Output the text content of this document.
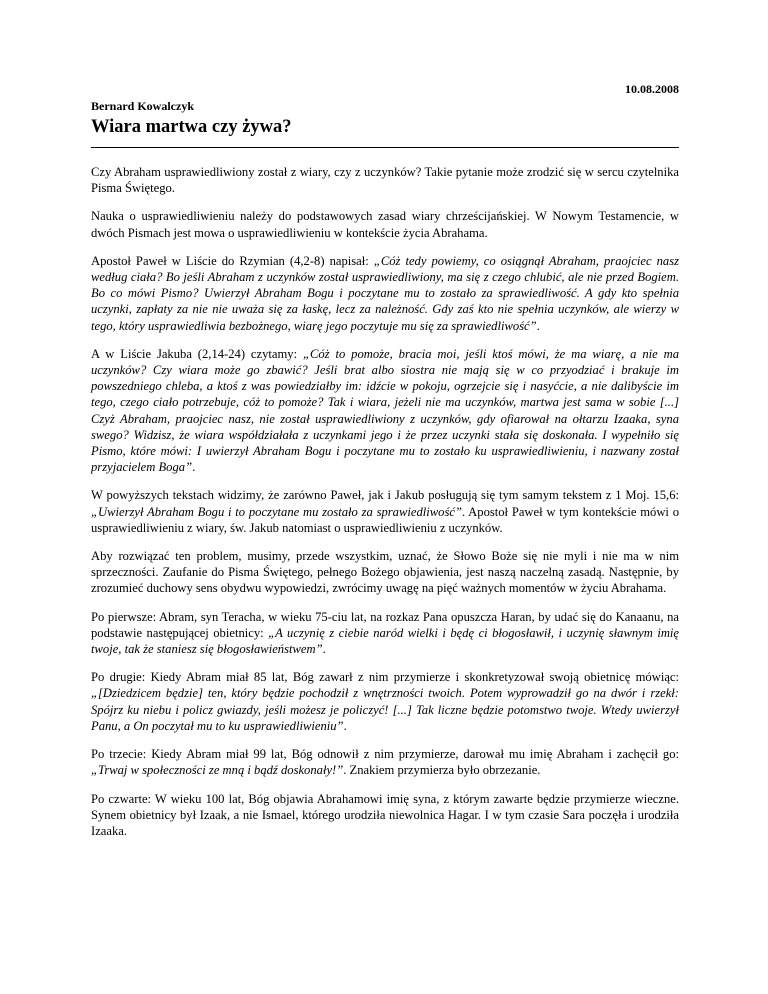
10.08.2008
Bernard Kowalczyk
Wiara martwa czy żywa?

Czy Abraham usprawiedliwiony został z wiary, czy z uczynków? Takie pytanie może zrodzić się w sercu czytelnika Pisma Świętego.

Nauka o usprawiedliwieniu należy do podstawowych zasad wiary chrześcijańskiej. W Nowym Testamencie, w dwóch Pismach jest mowa o usprawiedliwieniu w kontekście życia Abrahama.

Apostoł Paweł w Liście do Rzymian (4,2-8) napisał: „Cóż tedy powiemy, co osiągnął Abraham, praojciec nasz według ciała? Bo jeśli Abraham z uczynków został usprawiedliwiony, ma się z czego chlubić, ale nie przed Bogiem. Bo co mówi Pismo? Uwierzył Abraham Bogu i poczytane mu to zostało za sprawiedliwość. A gdy kto spełnia uczynki, zapłaty za nie nie uważa się za łaskę, lecz za należność. Gdy zaś kto nie spełnia uczynków, ale wierzy w tego, który usprawiedliwia bezbożnego, wiarę jego poczytuje mu się za sprawiedliwość”.

A w Liście Jakuba (2,14-24) czytamy: „Cóż to pomoże, bracia moi, jeśli ktoś mówi, że ma wiarę, a nie ma uczynków? Czy wiara może go zbawić? Jeśli brat albo siostra nie mają się w co przyodziać i brakuje im powszedniego chleba, a ktoś z was powiedziałby im: idźcie w pokoju, ogrzejcie się i nasyćcie, a nie dalibyście im tego, czego ciało potrzebuje, cóż to pomoże? Tak i wiara, jeżeli nie ma uczynków, martwa jest sama w sobie [...] Czyż Abraham, praojciec nasz, nie został usprawiedliwiony z uczynków, gdy ofiarował na ołtarzu Izaaka, syna swego? Widzisz, że wiara współdziałała z uczynkami jego i że przez uczynki stała się doskonała. I wypełniło się Pismo, które mówi: I uwierzył Abraham Bogu i poczytane mu to zostało ku usprawiedliwieniu, i nazwany został przyjacielem Boga”.

W powyższych tekstach widzimy, że zarówno Paweł, jak i Jakub posługują się tym samym tekstem z 1 Moj. 15,6: „Uwierzył Abraham Bogu i to poczytane mu zostało za sprawiedliwość”. Apostoł Paweł w tym kontekście mówi o usprawiedliwieniu z wiary, św. Jakub natomiast o usprawiedliwieniu z uczynków.

Aby rozwiązać ten problem, musimy, przede wszystkim, uznać, że Słowo Boże się nie myli i nie ma w nim sprzeczności. Zaufanie do Pisma Świętego, pełnego Bożego objawienia, jest naszą naczelną zasadą. Następnie, by zrozumieć duchowy sens obydwu wypowiedzi, zwrócimy uwagę na pięć ważnych momentów w życiu Abrahama.

Po pierwsze: Abram, syn Teracha, w wieku 75-ciu lat, na rozkaz Pana opuszcza Haran, by udać się do Kanaanu, na podstawie następującej obietnicy: „A uczynię z ciebie naród wielki i będę ci błogosławił, i uczynię sławnym imię twoje, tak że staniesz się błogosławieństwem”.

Po drugie: Kiedy Abram miał 85 lat, Bóg zawarł z nim przymierze i skonkretyzował swoją obietnicę mówiąc: „[Dziedzicem będzie] ten, który będzie pochodził z wnętrzności twoich. Potem wyprowadził go na dwór i rzekł: Spójrz ku niebu i policz gwiazdy, jeśli możesz je policzyć! [...] Tak liczne będzie potomstwo twoje. Wtedy uwierzył Panu, a On poczytał mu to ku usprawiedliwieniu”.

Po trzecie: Kiedy Abram miał 99 lat, Bóg odnowił z nim przymierze, darował mu imię Abraham i zachęcił go: „Trwaj w społeczności ze mną i bądź doskonały!”. Znakiem przymierza było obrzezanie.

Po czwarte: W wieku 100 lat, Bóg objawia Abrahamowi imię syna, z którym zawarte będzie przymierze wieczne. Synem obietnicy był Izaak, a nie Ismael, którego urodziła niewolnica Hagar. I w tym czasie Sara poczęła i urodziła Izaaka.
